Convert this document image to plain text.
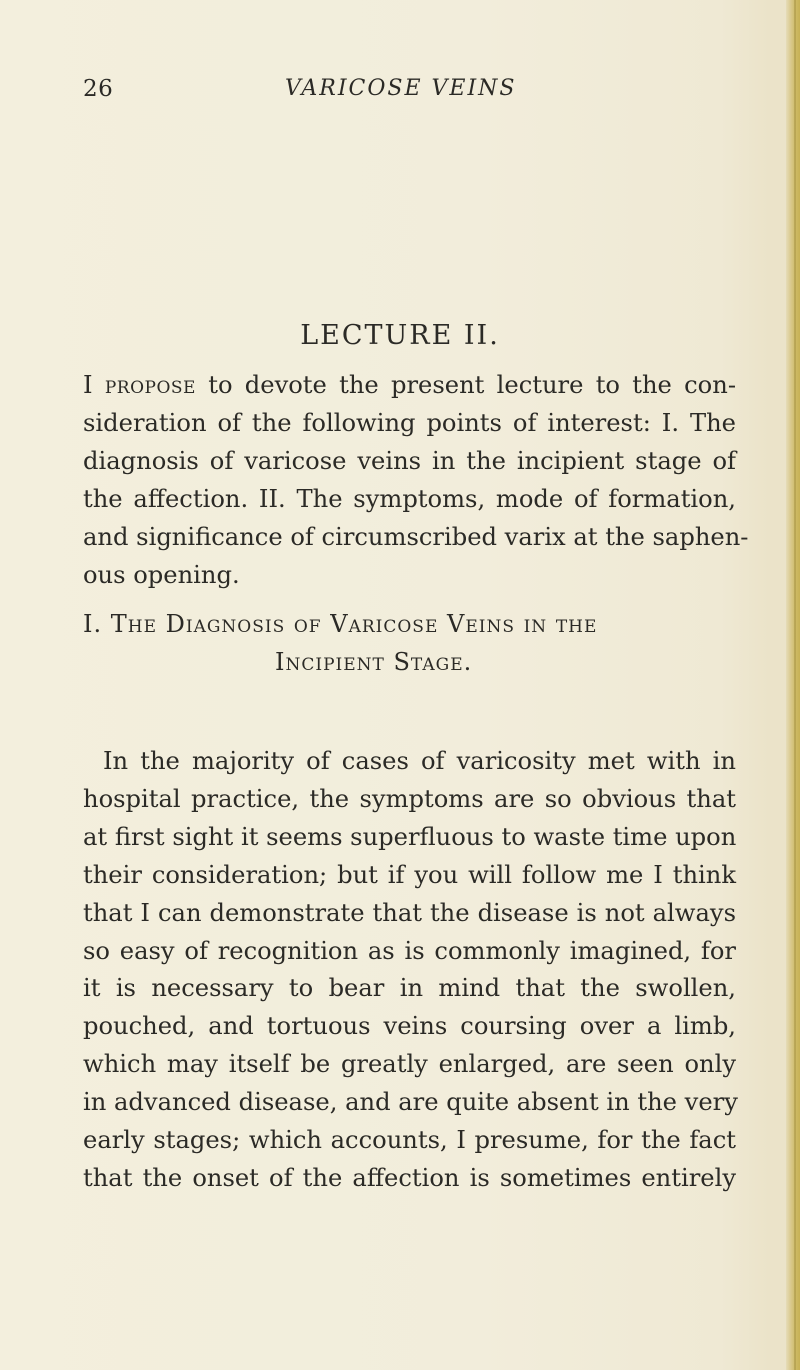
26	VARICOSE VEINS
LECTURE II.

I propose to devote the present lecture to the con-
sideration of the following points of interest: I. The
diagnosis of varicose veins in the incipient stage of
the affection. II. The symptoms, mode of formation,
and significance of circumscribed varix at the saphen-
ous opening.

I. The Diagnosis of Varicose Veins in the
Incipient Stage.

In the majority of cases of varicosity met with in
hospital practice, the symptoms are so obvious that
at first sight it seems superfluous to waste time upon
their consideration; but if you will follow me I think
that I can demonstrate that the disease is not always
so easy of recognition as is commonly imagined, for
it is necessary to bear in mind that the swollen,
pouched, and tortuous veins coursing over a limb,
which may itself be greatly enlarged, are seen only
in advanced disease, and are quite absent in the very
early stages; which accounts, I presume, for the fact
that the onset of the affection is sometimes entirely
